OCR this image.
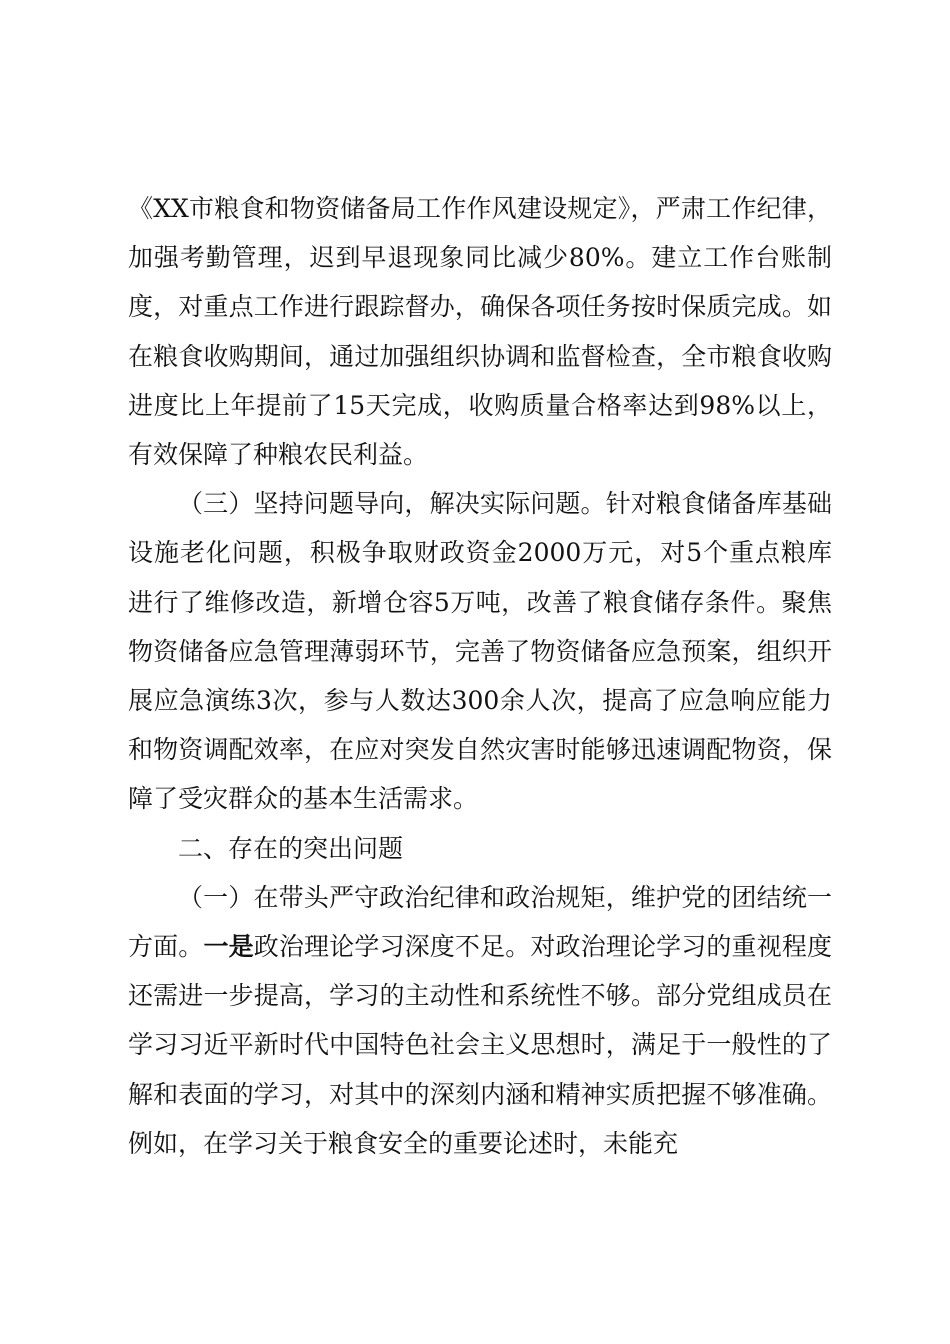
《XX市粮食和物资储备局工作作风建设规定》，严肃工作纪律，加强考勤管理，迟到早退现象同比减少80%。建立工作台账制度，对重点工作进行跟踪督办，确保各项任务按时保质完成。如在粮食收购期间，通过加强组织协调和监督检查，全市粮食收购进度比上年提前了15天完成，收购质量合格率达到98%以上，有效保障了种粮农民利益。

（三）坚持问题导向，解决实际问题。针对粮食储备库基础设施老化问题，积极争取财政资金2000万元，对5个重点粮库进行了维修改造，新增仓容5万吨，改善了粮食储存条件。聚焦物资储备应急管理薄弱环节，完善了物资储备应急预案，组织开展应急演练3次，参与人数达300余人次，提高了应急响应能力和物资调配效率，在应对突发自然灾害时能够迅速调配物资，保障了受灾群众的基本生活需求。

二、存在的突出问题

（一）在带头严守政治纪律和政治规矩，维护党的团结统一方面。一是政治理论学习深度不足。对政治理论学习的重视程度还需进一步提高，学习的主动性和系统性不够。部分党组成员在学习习近平新时代中国特色社会主义思想时，满足于一般性的了解和表面的学习，对其中的深刻内涵和精神实质把握不够准确。例如，在学习关于粮食安全的重要论述时，未能充
